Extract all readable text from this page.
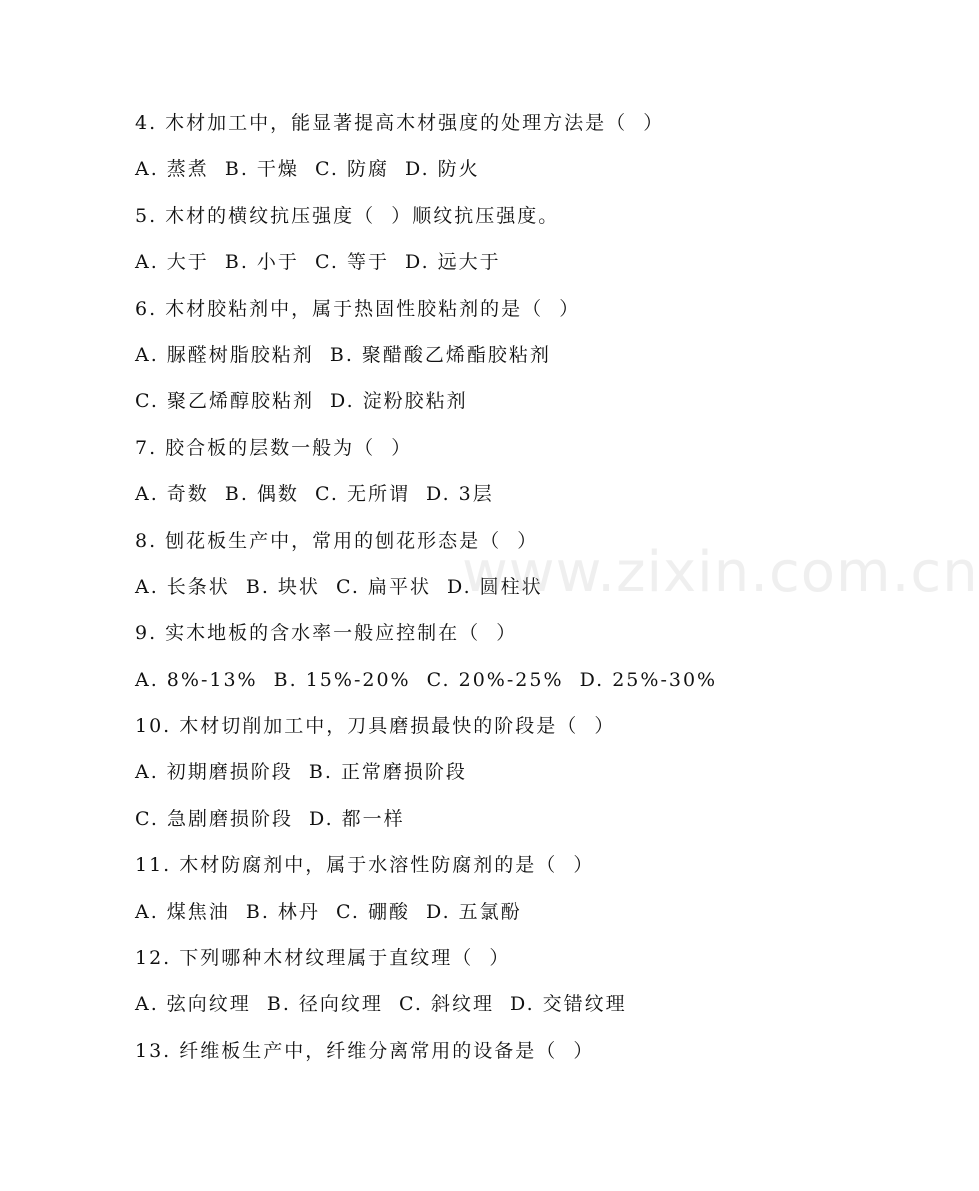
4. 木材加工中，能显著提高木材强度的处理方法是（  ）
A. 蒸煮  B. 干燥  C. 防腐  D. 防火
5. 木材的横纹抗压强度（  ）顺纹抗压强度。
A. 大于  B. 小于  C. 等于  D. 远大于
6. 木材胶粘剂中，属于热固性胶粘剂的是（  ）
A. 脲醛树脂胶粘剂  B. 聚醋酸乙烯酯胶粘剂
C. 聚乙烯醇胶粘剂  D. 淀粉胶粘剂
7. 胶合板的层数一般为（  ）
A. 奇数  B. 偶数  C. 无所谓  D. 3层
8. 刨花板生产中，常用的刨花形态是（  ）
A. 长条状  B. 块状  C. 扁平状  D. 圆柱状
9. 实木地板的含水率一般应控制在（  ）
A. 8%-13%  B. 15%-20%  C. 20%-25%  D. 25%-30%
10. 木材切削加工中，刀具磨损最快的阶段是（  ）
A. 初期磨损阶段  B. 正常磨损阶段
C. 急剧磨损阶段  D. 都一样
11. 木材防腐剂中，属于水溶性防腐剂的是（  ）
A. 煤焦油  B. 林丹  C. 硼酸  D. 五氯酚
12. 下列哪种木材纹理属于直纹理（  ）
A. 弦向纹理  B. 径向纹理  C. 斜纹理  D. 交错纹理
13. 纤维板生产中，纤维分离常用的设备是（  ）
www.zixin.com.cn
